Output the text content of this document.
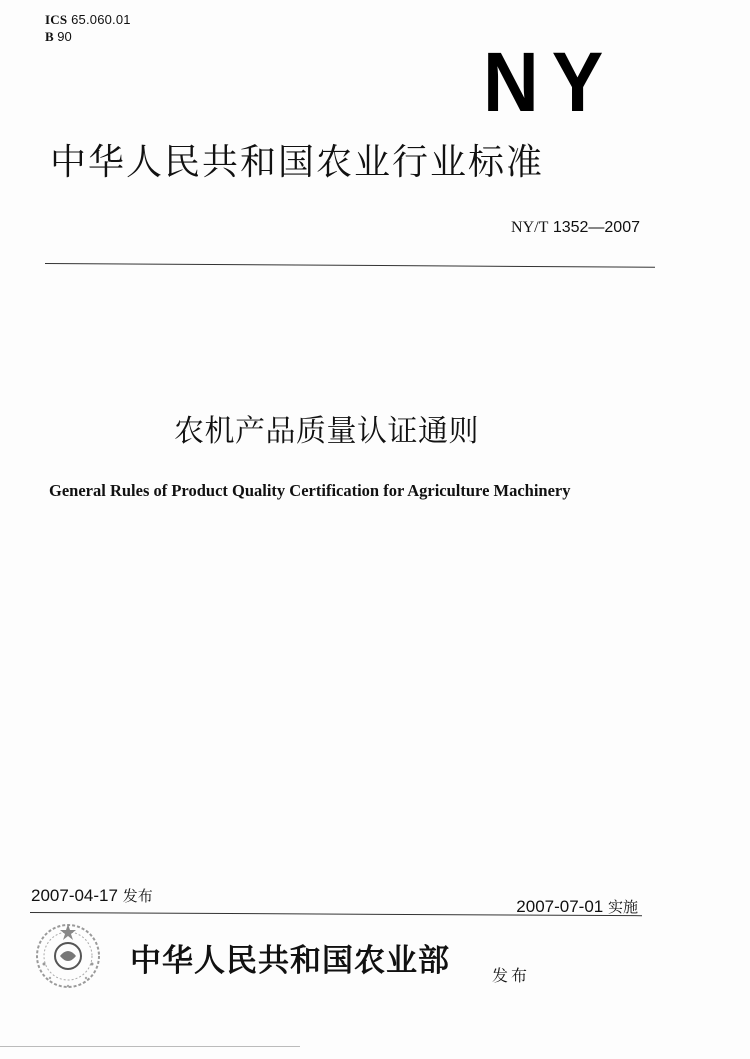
ICS 65.060.01
B 90	NY
中华人民共和国农业行业标准
NY/T 1352—2007
农机产品质量认证通则
General Rules of Product Quality Certification for Agriculture Machinery
2007-04-17 发布
2007-07-01 实施
中华人民共和国农业部	发布
